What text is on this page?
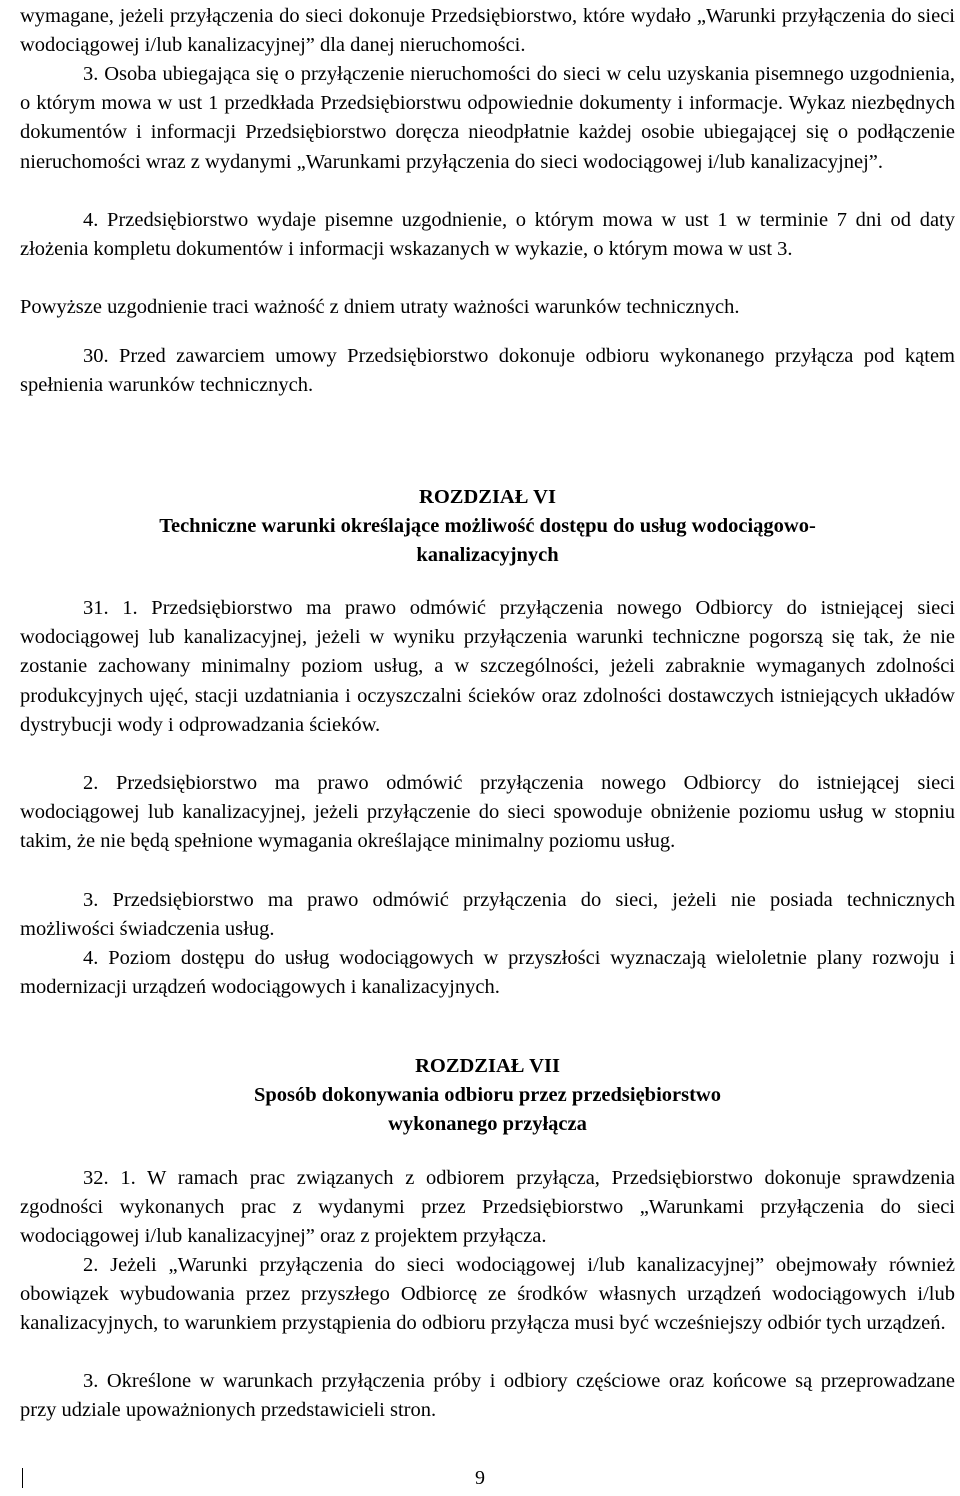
wymagane, jeżeli przyłączenia do sieci dokonuje Przedsiębiorstwo, które wydało „Warunki przyłączenia do sieci wodociągowej i/lub kanalizacyjnej” dla danej nieruchomości.

3. Osoba ubiegająca się o przyłączenie nieruchomości do sieci w celu uzyskania pisemnego uzgodnienia, o którym mowa w ust 1 przedkłada Przedsiębiorstwu odpowiednie dokumenty i informacje. Wykaz niezbędnych dokumentów i informacji Przedsiębiorstwo doręcza nieodpłatnie każdej osobie ubiegającej się o podłączenie nieruchomości wraz z wydanymi „Warunkami przyłączenia do sieci wodociągowej i/lub kanalizacyjnej”.

4. Przedsiębiorstwo wydaje pisemne uzgodnienie, o którym mowa w ust 1 w terminie 7 dni od daty złożenia kompletu dokumentów i informacji wskazanych w wykazie, o którym mowa w ust 3.

Powyższe uzgodnienie traci ważność z dniem utraty ważności warunków technicznych.

30. Przed zawarciem umowy Przedsiębiorstwo dokonuje odbioru wykonanego przyłącza pod kątem spełnienia warunków technicznych.

ROZDZIAŁ VI
Techniczne warunki określające możliwość dostępu do usług wodociągowo-
kanalizacyjnych

31. 1. Przedsiębiorstwo ma prawo odmówić przyłączenia nowego Odbiorcy do istniejącej sieci wodociągowej lub kanalizacyjnej, jeżeli w wyniku przyłączenia warunki techniczne pogorszą się tak, że nie zostanie zachowany minimalny poziom usług, a w szczególności, jeżeli zabraknie wymaganych zdolności produkcyjnych ujęć, stacji uzdatniania i oczyszczalni ścieków oraz zdolności dostawczych istniejących układów dystrybucji wody i odprowadzania ścieków.

2. Przedsiębiorstwo ma prawo odmówić przyłączenia nowego Odbiorcy do istniejącej sieci wodociągowej lub kanalizacyjnej, jeżeli przyłączenie do sieci spowoduje obniżenie poziomu usług w stopniu takim, że nie będą spełnione wymagania określające minimalny poziomu usług.

3. Przedsiębiorstwo ma prawo odmówić przyłączenia do sieci, jeżeli nie posiada technicznych możliwości świadczenia usług.

4. Poziom dostępu do usług wodociągowych w przyszłości wyznaczają wieloletnie plany rozwoju i modernizacji urządzeń wodociągowych i kanalizacyjnych.

ROZDZIAŁ VII
Sposób dokonywania odbioru przez przedsiębiorstwo
wykonanego przyłącza

32. 1. W ramach prac związanych z odbiorem przyłącza, Przedsiębiorstwo dokonuje sprawdzenia zgodności wykonanych prac z wydanymi przez Przedsiębiorstwo „Warunkami przyłączenia do sieci wodociągowej i/lub kanalizacyjnej” oraz z projektem przyłącza.

2. Jeżeli „Warunki przyłączenia do sieci wodociągowej i/lub kanalizacyjnej” obejmowały również obowiązek wybudowania przez przyszłego Odbiorcę ze środków własnych urządzeń wodociągowych i/lub kanalizacyjnych, to warunkiem przystąpienia do odbioru przyłącza musi być wcześniejszy odbiór tych urządzeń.

3. Określone w warunkach przyłączenia próby i odbiory częściowe oraz końcowe są przeprowadzane przy udziale upoważnionych przedstawicieli stron.

9
